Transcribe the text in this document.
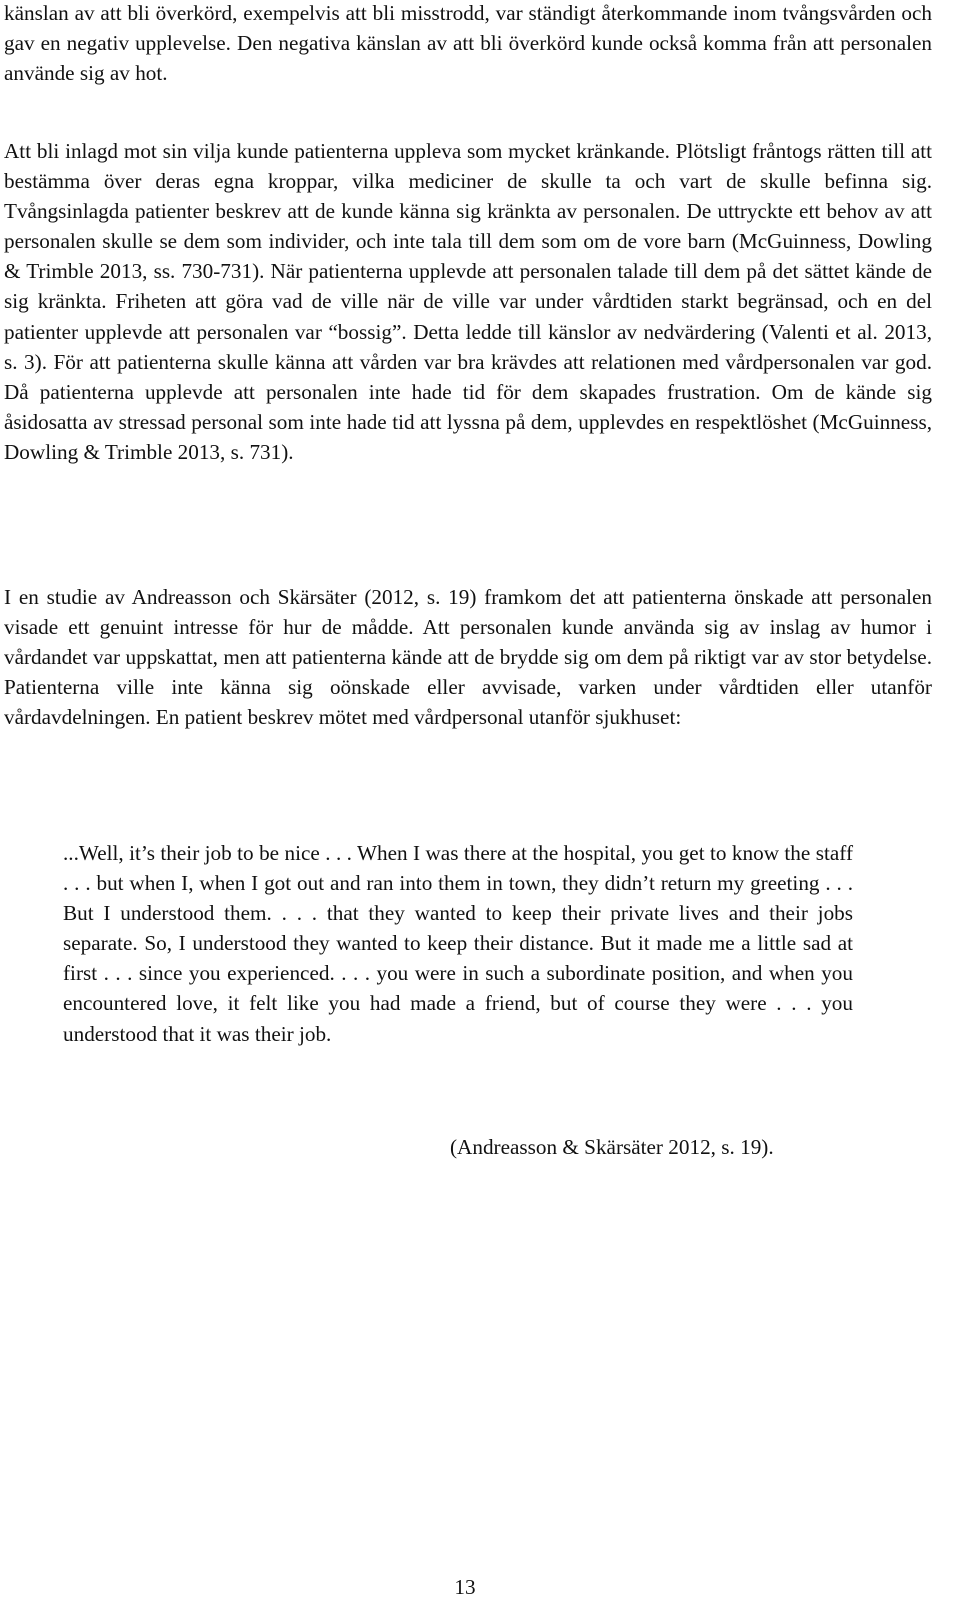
känslan av att bli överkörd, exempelvis att bli misstrodd, var ständigt återkommande inom tvångsvården och gav en negativ upplevelse. Den negativa känslan av att bli överkörd kunde också komma från att personalen använde sig av hot.

Att bli inlagd mot sin vilja kunde patienterna uppleva som mycket kränkande. Plötsligt fråntogs rätten till att bestämma över deras egna kroppar, vilka mediciner de skulle ta och vart de skulle befinna sig. Tvångsinlagda patienter beskrev att de kunde känna sig kränkta av personalen. De uttryckte ett behov av att personalen skulle se dem som individer, och inte tala till dem som om de vore barn (McGuinness, Dowling & Trimble 2013, ss. 730-731). När patienterna upplevde att personalen talade till dem på det sättet kände de sig kränkta. Friheten att göra vad de ville när de ville var under vårdtiden starkt begränsad, och en del patienter upplevde att personalen var “bossig”. Detta ledde till känslor av nedvärdering (Valenti et al. 2013, s. 3). För att patienterna skulle känna att vården var bra krävdes att relationen med vårdpersonalen var god. Då patienterna upplevde att personalen inte hade tid för dem skapades frustration. Om de kände sig åsidosatta av stressad personal som inte hade tid att lyssna på dem, upplevdes en respektlöshet (McGuinness, Dowling & Trimble 2013, s. 731).

I en studie av Andreasson och Skärsäter (2012, s. 19) framkom det att patienterna önskade att personalen visade ett genuint intresse för hur de mådde. Att personalen kunde använda sig av inslag av humor i vårdandet var uppskattat, men att patienterna kände att de brydde sig om dem på riktigt var av stor betydelse. Patienterna ville inte känna sig oönskade eller avvisade, varken under vårdtiden eller utanför vårdavdelningen. En patient beskrev mötet med vårdpersonal utanför sjukhuset:

...Well, it’s their job to be nice . . . When I was there at the hospital, you get to know the staff . . . but when I, when I got out and ran into them in town, they didn’t return my greeting . . . But I understood them. . . . that they wanted to keep their private lives and their jobs separate. So, I understood they wanted to keep their distance. But it made me a little sad at first . . . since you experienced. . . . you were in such a subordinate position, and when you encountered love, it felt like you had made a friend, but of course they were . . . you understood that it was their job.

(Andreasson & Skärsäter 2012, s. 19).

13
